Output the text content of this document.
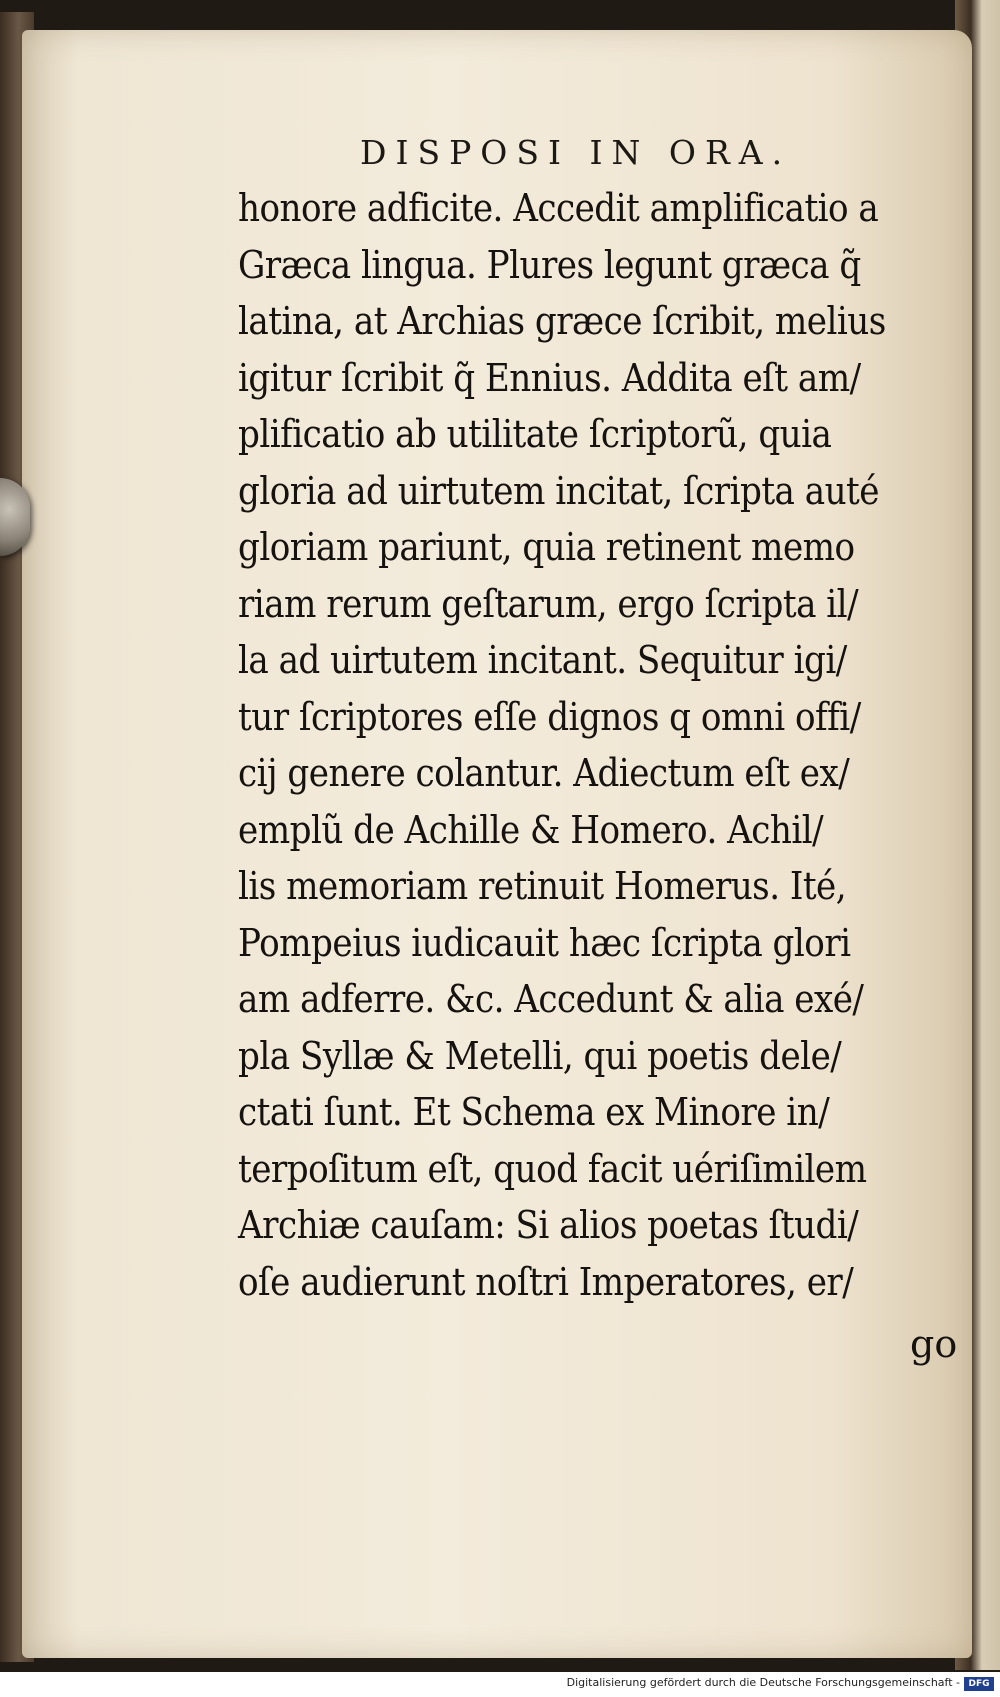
DISPOSI IN ORA.
honore adficite. Accedit amplificatio a
Græca lingua. Plures legunt græca q̃
latina, at Archias græce ſcribit, melius
igitur ſcribit q̃ Ennius. Addita eſt am/
plificatio ab utilitate ſcriptorũ, quia
gloria ad uirtutem incitat, ſcripta auté
gloriam pariunt, quia retinent memo
riam rerum geſtarum, ergo ſcripta il/
la ad uirtutem incitant. Sequitur igi/
tur ſcriptores eſſe dignos q omni offi/
cij genere colantur. Adiectum eſt ex/
emplũ de Achille & Homero. Achil/
lis memoriam retinuit Homerus. Ité,
Pompeius iudicauit hæc ſcripta glori
am adferre. &c. Accedunt & alia exé/
pla Syllæ & Metelli, qui poetis dele/
ctati ſunt. Et Schema ex Minore in/
terpoſitum eſt, quod facit uériſimilem
Archiæ cauſam: Si alios poetas ſtudi/
oſe audierunt noſtri Imperatores, er/
go
Digitalisierung gefördert durch die Deutsche Forschungsgemeinschaft - DFG
